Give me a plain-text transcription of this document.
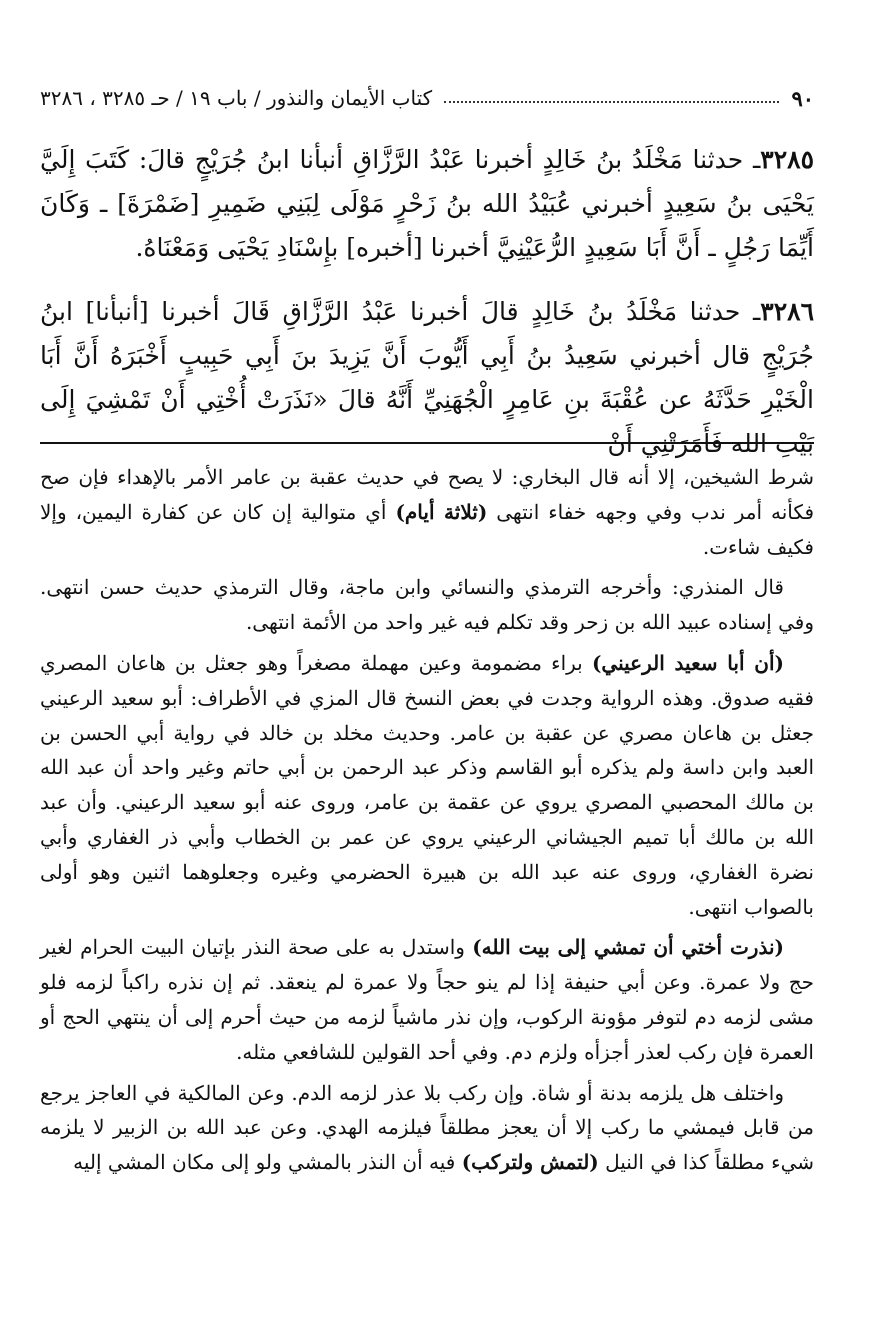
٩٠
كتاب الأيمان والنذور / باب ١٩ / حـ ٣٢٨٥ ، ٣٢٨٦
٣٢٨٥ـ حدثنا مَخْلَدُ بنُ خَالِدٍ أخبرنا عَبْدُ الرَّزَّاقِ أنبأنا ابنُ جُرَيْجٍ قالَ: كَتَبَ إِلَيَّ يَحْيَى بنُ سَعِيدٍ أخبرني عُبَيْدُ الله بنُ زَحْرٍ مَوْلَى لِبَنِي ضَمِيرِ [ضَمْرَةَ] ـ وَكَانَ أَيِّمَا رَجُلٍ ـ أَنَّ أَبَا سَعِيدٍ الرُّعَيْنِيَّ أخبرنا [أخبره] بإِسْنَادِ يَحْيَى وَمَعْنَاهُ.
٣٢٨٦ـ حدثنا مَخْلَدُ بنُ خَالِدٍ قالَ أخبرنا عَبْدُ الرَّزَّاقِ قَالَ أخبرنا [أنبأنا] ابنُ جُرَيْجٍ قال أخبرني سَعِيدُ بنُ أَبِي أَيُّوبَ أَنَّ يَزِيدَ بنَ أَبِي حَبِيبٍ أَخْبَرَهُ أَنَّ أَبَا الْخَيْرِ حَدَّثَهُ عن عُقْبَةَ بنِ عَامِرٍ الْجُهَنِيِّ أَنَّهُ قالَ «نَذَرَتْ أُخْتِي أَنْ تَمْشِيَ إِلَى بَيْتِ الله فَأَمَرَتْنِي أَنْ

شرط الشيخين، إلا أنه قال البخاري: لا يصح في حديث عقبة بن عامر الأمر بالإهداء فإن صح فكأنه أمر ندب وفي وجهه خفاء انتهى (ثلاثة أيام) أي متوالية إن كان عن كفارة اليمين، وإلا فكيف شاءت.

قال المنذري: وأخرجه الترمذي والنسائي وابن ماجة، وقال الترمذي حديث حسن انتهى. وفي إسناده عبيد الله بن زحر وقد تكلم فيه غير واحد من الأئمة انتهى.

(أن أبا سعيد الرعيني) براء مضمومة وعين مهملة مصغراً وهو جعثل بن هاعان المصري فقيه صدوق. وهذه الرواية وجدت في بعض النسخ قال المزي في الأطراف: أبو سعيد الرعيني جعثل بن هاعان مصري عن عقبة بن عامر. وحديث مخلد بن خالد في رواية أبي الحسن بن العبد وابن داسة ولم يذكره أبو القاسم وذكر عبد الرحمن بن أبي حاتم وغير واحد أن عبد الله بن مالك المحصبي المصري يروي عن عقمة بن عامر، وروى عنه أبو سعيد الرعيني. وأن عبد الله بن مالك أبا تميم الجيشاني الرعيني يروي عن عمر بن الخطاب وأبي ذر الغفاري وأبي نضرة الغفاري، وروى عنه عبد الله بن هبيرة الحضرمي وغيره وجعلوهما اثنين وهو أولى بالصواب انتهى.

(نذرت أختي أن تمشي إلى بيت الله) واستدل به على صحة النذر بإتيان البيت الحرام لغير حج ولا عمرة. وعن أبي حنيفة إذا لم ينو حجاً ولا عمرة لم ينعقد. ثم إن نذره راكباً لزمه فلو مشى لزمه دم لتوفر مؤونة الركوب، وإن نذر ماشياً لزمه من حيث أحرم إلى أن ينتهي الحج أو العمرة فإن ركب لعذر أجزأه ولزم دم. وفي أحد القولين للشافعي مثله.

واختلف هل يلزمه بدنة أو شاة. وإن ركب بلا عذر لزمه الدم. وعن المالكية في العاجز يرجع من قابل فيمشي ما ركب إلا أن يعجز مطلقاً فيلزمه الهدي. وعن عبد الله بن الزبير لا يلزمه شيء مطلقاً كذا في النيل (لتمش ولتركب) فيه أن النذر بالمشي ولو إلى مكان المشي إليه
